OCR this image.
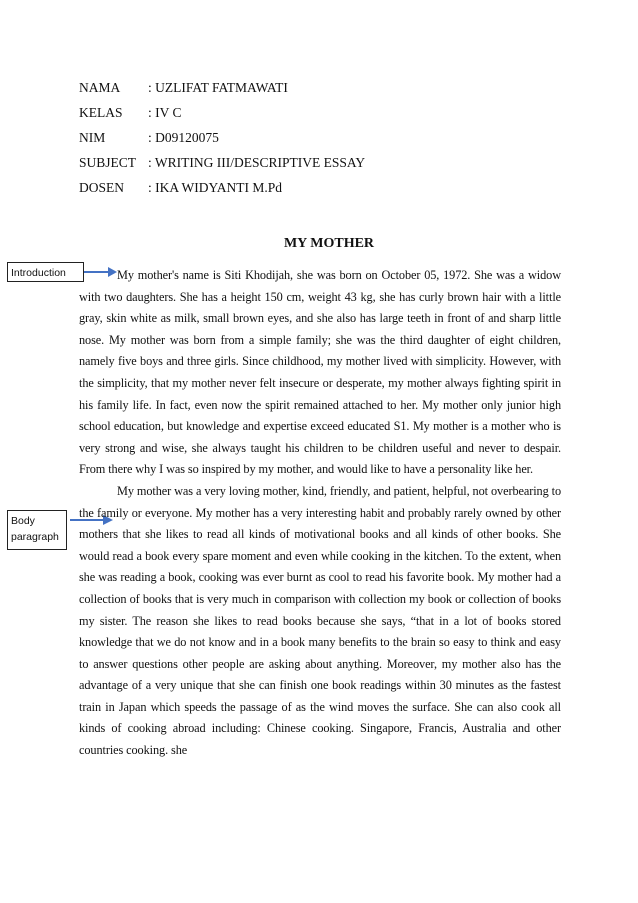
NAMA	: UZLIFAT FATMAWATI
KELAS	: IV C
NIM	: D09120075
SUBJECT : WRITING III/DESCRIPTIVE ESSAY
DOSEN	: IKA WIDYANTI M.Pd
MY MOTHER
Introduction
Body paragraph

My mother's name is Siti Khodijah, she was born on October 05, 1972. She was a widow with two daughters. She has a height 150 cm, weight 43 kg, she has curly brown hair with a little gray, skin white as milk, small brown eyes, and she also has large teeth in front of and sharp little nose. My mother was born from a simple family; she was the third daughter of eight children, namely five boys and three girls. Since childhood, my mother lived with simplicity. However, with the simplicity, that my mother never felt insecure or desperate, my mother always fighting spirit in his family life. In fact, even now the spirit remained attached to her. My mother only junior high school education, but knowledge and expertise exceed educated S1. My mother is a mother who is very strong and wise, she always taught his children to be children useful and never to despair. From there why I was so inspired by my mother, and would like to have a personality like her.

My mother was a very loving mother, kind, friendly, and patient, helpful, not overbearing to the family or everyone. My mother has a very interesting habit and probably rarely owned by other mothers that she likes to read all kinds of motivational books and all kinds of other books. She would read a book every spare moment and even while cooking in the kitchen. To the extent, when she was reading a book, cooking was ever burnt as cool to read his favorite book. My mother had a collection of books that is very much in comparison with collection my book or collection of books my sister. The reason she likes to read books because she says, “that in a lot of books stored knowledge that we do not know and in a book many benefits to the brain so easy to think and easy to answer questions other people are asking about anything. Moreover, my mother also has the advantage of a very unique that she can finish one book readings within 30 minutes as the fastest train in Japan which speeds the passage of as the wind moves the surface. She can also cook all kinds of cooking abroad including: Chinese cooking. Singapore, Francis, Australia and other countries cooking. she
